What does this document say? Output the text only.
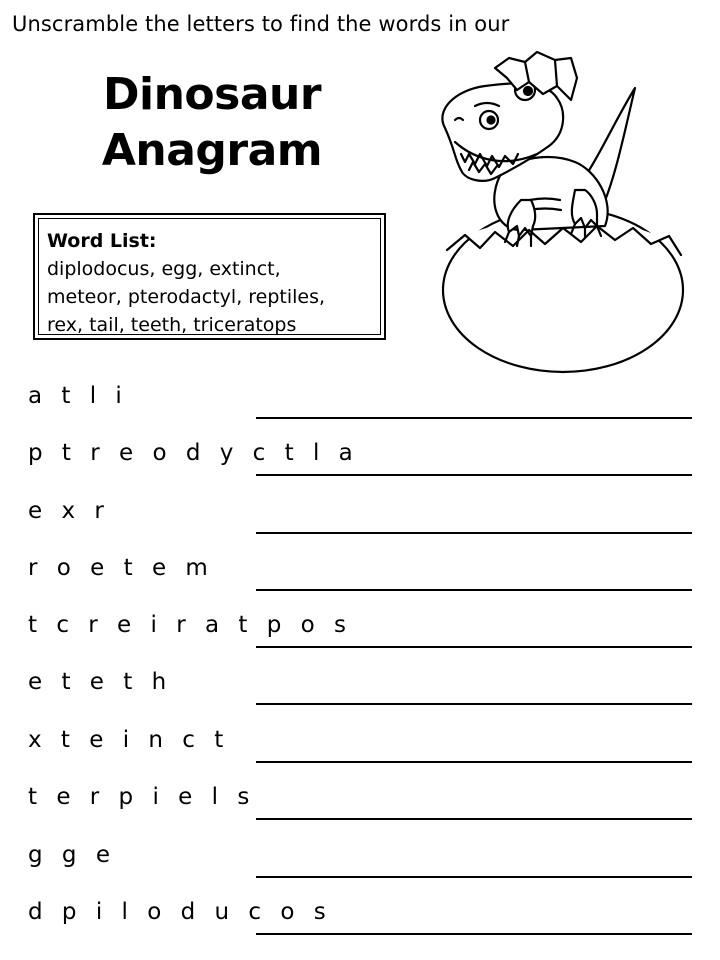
Unscramble the letters to find the words in our
Dinosaur
Anagram
Word List:
diplodocus, egg, extinct,
meteor, pterodactyl, reptiles,
rex, tail, teeth, triceratops
a t l i
p t r e o d y c t l a
e x r
r o e t e m
t c r e i r a t p o s
e t e t h
x t e i n c t
t e r p i e l s
g g e
d p i l o d u c o s
